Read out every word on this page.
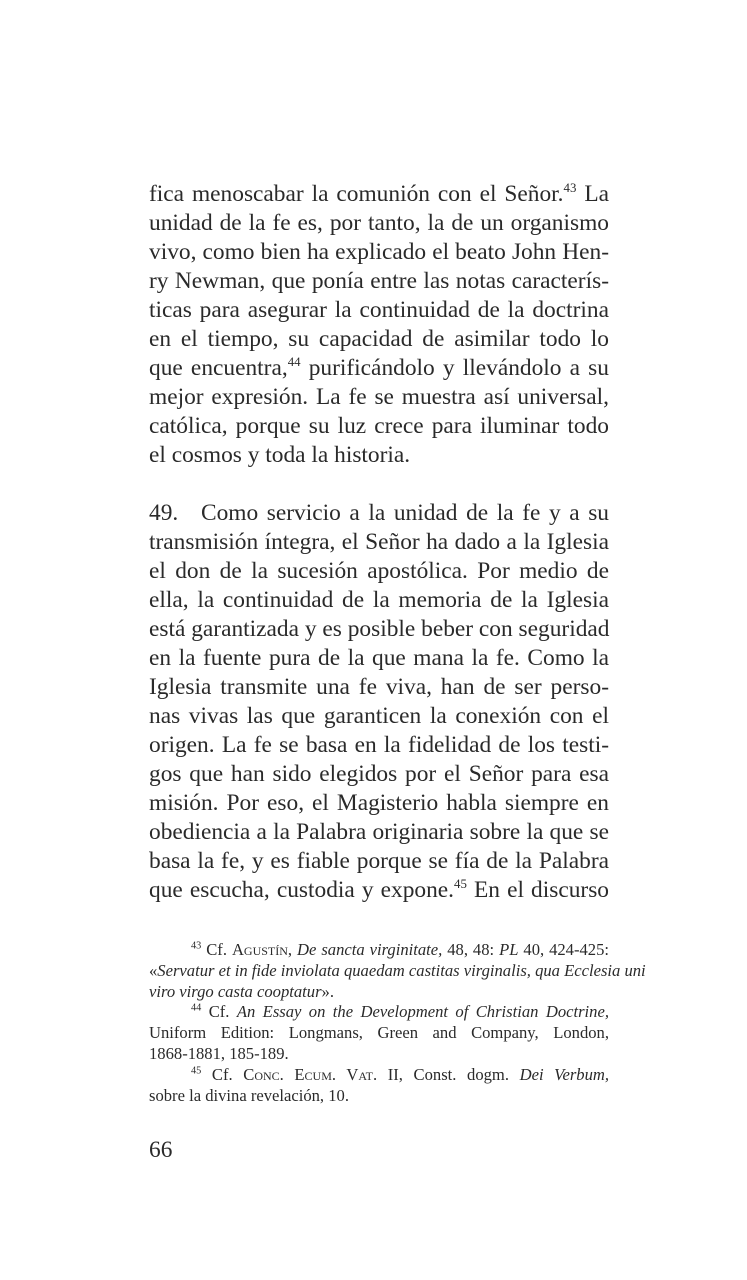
fica menoscabar la comunión con el Señor.$^{43}$ La
unidad de la fe es, por tanto, la de un organismo
vivo, como bien ha explicado el beato John Hen-
ry Newman, que ponía entre las notas caracterís-
ticas para asegurar la continuidad de la doctrina
en el tiempo, su capacidad de asimilar todo lo
que encuentra,$^{44}$ purificándolo y llevándolo a su
mejor expresión. La fe se muestra así universal,
católica, porque su luz crece para iluminar todo
el cosmos y toda la historia.
49. Como servicio a la unidad de la fe y a su
transmisión íntegra, el Señor ha dado a la Iglesia
el don de la sucesión apostólica. Por medio de
ella, la continuidad de la memoria de la Iglesia
está garantizada y es posible beber con seguridad
en la fuente pura de la que mana la fe. Como la
Iglesia transmite una fe viva, han de ser perso-
nas vivas las que garanticen la conexión con el
origen. La fe se basa en la fidelidad de los testi-
gos que han sido elegidos por el Señor para esa
misión. Por eso, el Magisterio habla siempre en
obediencia a la Palabra originaria sobre la que se
basa la fe, y es fiable porque se fía de la Palabra
que escucha, custodia y expone.$^{45}$ En el discurso
$^{43}$ Cf. Agustín, De sancta virginitate, 48, 48: PL 40, 424-425:
«Servatur et in fide inviolata quaedam castitas virginalis, qua Ecclesia uni
viro virgo casta cooptatur».
$^{44}$ Cf. An Essay on the Development of Christian Doctrine,
Uniform Edition: Longmans, Green and Company, London,
1868-1881, 185-189.
$^{45}$ Cf. Conc. Ecum. Vat. II, Const. dogm. Dei Verbum,
sobre la divina revelación, 10.
66
